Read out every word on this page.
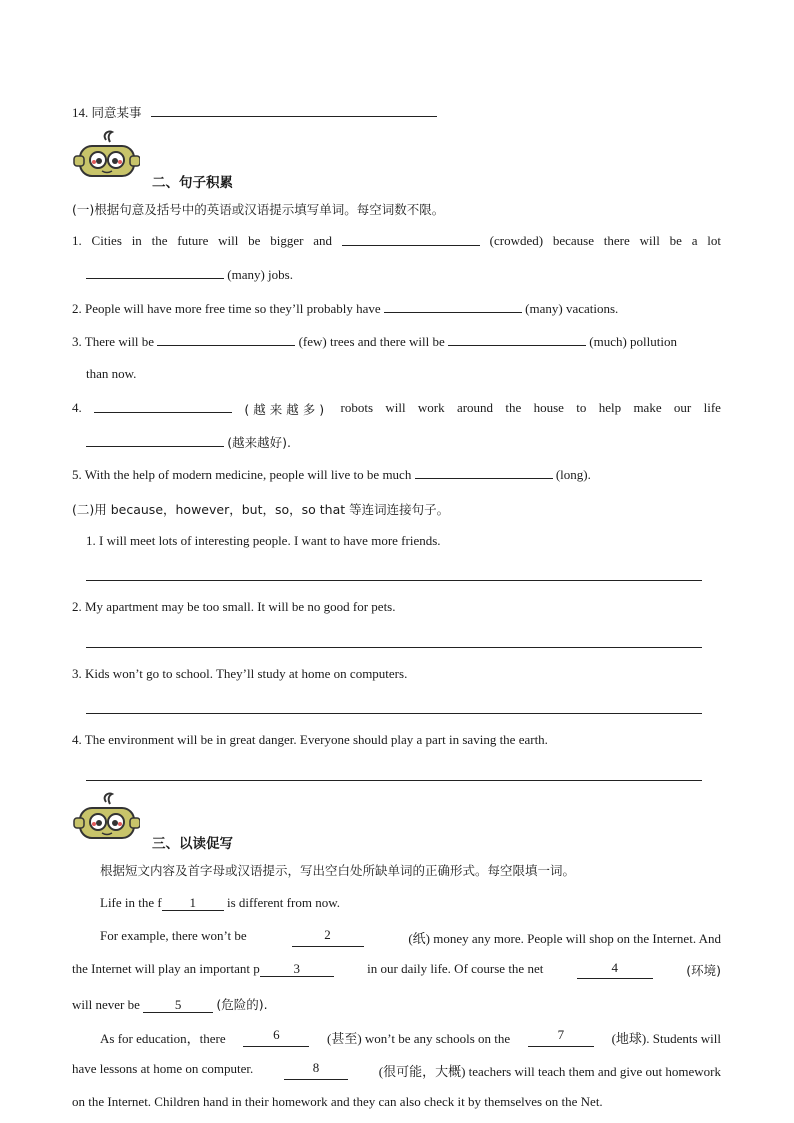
14. 同意某事
二、句子积累
(一)根据句意及括号中的英语或汉语提示填写单词。每空词数不限。
1. Cities in the future will be bigger and	(crowded) because there will be a lot
(many) jobs.
2. People will have more free time so they’ll probably have	(many) vacations.
3. There will be	(few) trees and there will be	(much) pollution
than now.
4.	(越来越多) robots will work around the house to help make our life
(越来越好).
5. With the help of modern medicine, people will live to be much	(long).
(二)用 because，however，but，so，so that 等连词连接句子。
1. I will meet lots of interesting people. I want to have more friends.
2. My apartment may be too small. It will be no good for pets.
3. Kids won’t go to school. They’ll study at home on computers.
4. The environment will be in great danger. Everyone should play a part in saving the earth.
三、以读促写
根据短文内容及首字母或汉语提示，写出空白处所缺单词的正确形式。每空限填一词。
Life in the f 1 is different from now.
For example, there won’t be	2	(纸) money any more. People will shop on the Internet. And
the Internet will play an important p	3	in our daily life. Of course the net	4	(环境)
will never be	5	(危险的).
As for education，there	6	(甚至) won’t be any schools on the	7	(地球). Students will
have lessons at home on computer.	8	(很可能，大概) teachers will teach them and give out homework
on the Internet. Children hand in their homework and they can also check it by themselves on the Net.
